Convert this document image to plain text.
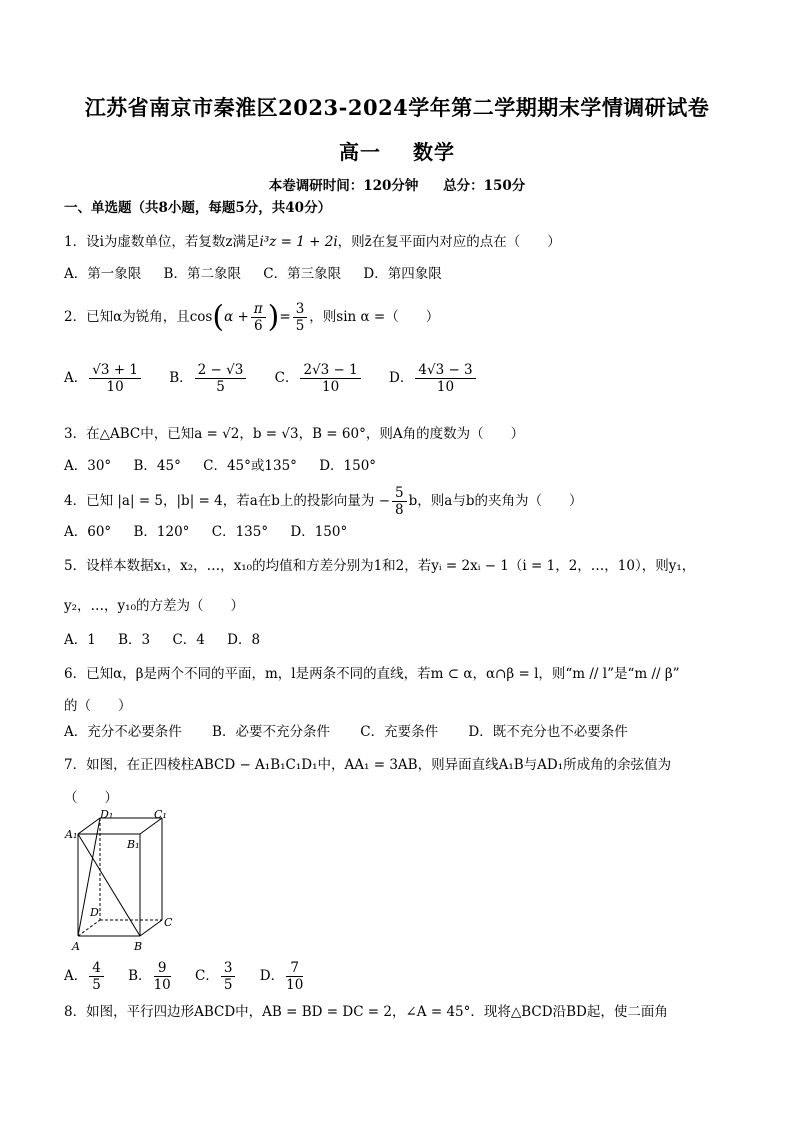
江苏省南京市秦淮区2023-2024学年第二学期期末学情调研试卷
高一 数学
本卷调研时间：120分钟 总分：150分
一、单选题（共8小题，每题5分，共40分）
1．设i为虚数单位，若复数z满足i³z = 1 + 2i，则z̄在复平面内对应的点在（　　）
A．第一象限 B．第二象限 C．第三象限 D．第四象限
2．已知α为锐角，且$\cos(\alpha + \frac{\pi}{6}$ )= $\frac{3}{5}$ ，则sin α =（　　）
A． $\frac{√3 + 1}{10}$ B． $\frac{2 - √3}{5}$ C． $\frac{2√3 - 1}{10}$ D． $\frac{4√3 - 3}{10}$
3．在△ABC中，已知a = √2，b = √3，B = 60°，则A角的度数为（　　）
A．30° B．45° C．45°或135° D．150°
4．已知 |a| = 5，|b| = 4，若a在b上的投影向量为 − $\frac{5}{8}$ b，则a与b的夹角为（　　）
A．60° B．120° C．135° D．150°
5．设样本数据x₁，x₂，…，x₁₀的均值和方差分别为1和2，若yᵢ = 2xᵢ − 1（i = 1，2，…，10），则y₁，
y₂，…，y₁₀的方差为（　　）
A．1 B．3 C．4 D．8
6．已知α，β是两个不同的平面，m，l是两条不同的直线，若m ⊂ α，α∩β = l，则“m // l”是“m // β”
的（　　）
A．充分不必要条件 B．必要不充分条件 C．充要条件 D．既不充分也不必要条件
7．如图，在正四棱柱ABCD − A₁B₁C₁D₁中，AA₁ = 3AB，则异面直线A₁B与AD₁所成角的余弦值为
（　　）
A₁
B₁
C₁
D₁
A	B
C
D
A． $\frac{4}{5}$ B． $\frac{9}{10}$ C． $\frac{3}{5}$ D． $\frac{7}{10}$
8．如图，平行四边形ABCD中，AB = BD = DC = 2，∠A = 45°．现将△BCD沿BD起，使二面角
